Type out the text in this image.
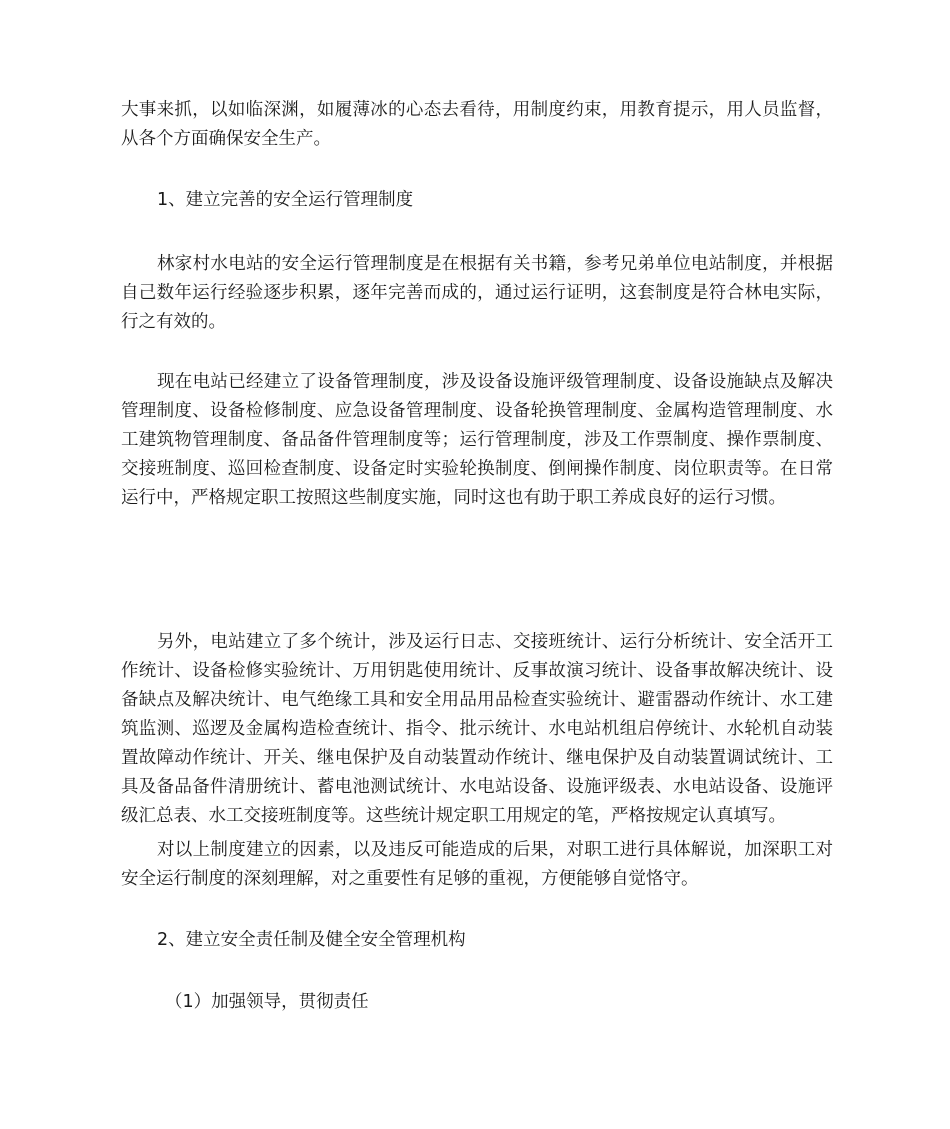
大事来抓，以如临深渊，如履薄冰的心态去看待，用制度约束，用教育提示，用人员监督，从各个方面确保安全生产。

1、建立完善的安全运行管理制度

林家村水电站的安全运行管理制度是在根据有关书籍，参考兄弟单位电站制度，并根据自己数年运行经验逐步积累，逐年完善而成的，通过运行证明，这套制度是符合林电实际，行之有效的。

现在电站已经建立了设备管理制度，涉及设备设施评级管理制度、设备设施缺点及解决管理制度、设备检修制度、应急设备管理制度、设备轮换管理制度、金属构造管理制度、水工建筑物管理制度、备品备件管理制度等；运行管理制度，涉及工作票制度、操作票制度、交接班制度、巡回检查制度、设备定时实验轮换制度、倒闸操作制度、岗位职责等。在日常运行中，严格规定职工按照这些制度实施，同时这也有助于职工养成良好的运行习惯。

另外，电站建立了多个统计，涉及运行日志、交接班统计、运行分析统计、安全活开工作统计、设备检修实验统计、万用钥匙使用统计、反事故演习统计、设备事故解决统计、设备缺点及解决统计、电气绝缘工具和安全用品用品检查实验统计、避雷器动作统计、水工建筑监测、巡逻及金属构造检查统计、指令、批示统计、水电站机组启停统计、水轮机自动装置故障动作统计、开关、继电保护及自动装置动作统计、继电保护及自动装置调试统计、工具及备品备件清册统计、蓄电池测试统计、水电站设备、设施评级表、水电站设备、设施评级汇总表、水工交接班制度等。这些统计规定职工用规定的笔，严格按规定认真填写。

对以上制度建立的因素，以及违反可能造成的后果，对职工进行具体解说，加深职工对安全运行制度的深刻理解，对之重要性有足够的重视，方便能够自觉恪守。

2、建立安全责任制及健全安全管理机构

（1）加强领导，贯彻责任
